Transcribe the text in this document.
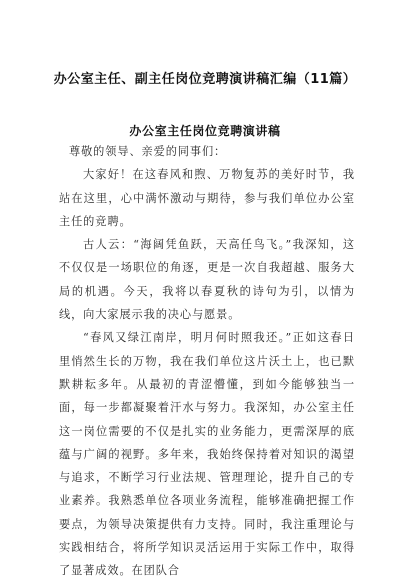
办公室主任、副主任岗位竞聘演讲稿汇编（11篇）
办公室主任岗位竞聘演讲稿

尊敬的领导、亲爱的同事们：

大家好！在这春风和煦、万物复苏的美好时节，我站在这里，心中满怀激动与期待，参与我们单位办公室主任的竞聘。

古人云：“海阔凭鱼跃，天高任鸟飞。”我深知，这不仅仅是一场职位的角逐，更是一次自我超越、服务大局的机遇。今天，我将以春夏秋的诗句为引，以情为线，向大家展示我的决心与愿景。

“春风又绿江南岸，明月何时照我还。”正如这春日里悄然生长的万物，我在我们单位这片沃土上，也已默默耕耘多年。从最初的青涩懵懂，到如今能够独当一面，每一步都凝聚着汗水与努力。我深知，办公室主任这一岗位需要的不仅是扎实的业务能力，更需深厚的底蕴与广阔的视野。多年来，我始终保持着对知识的渴望与追求，不断学习行业法规、管理理论，提升自己的专业素养。我熟悉单位各项业务流程，能够准确把握工作要点，为领导决策提供有力支持。同时，我注重理论与实践相结合，将所学知识灵活运用于实际工作中，取得了显著成效。在团队合
